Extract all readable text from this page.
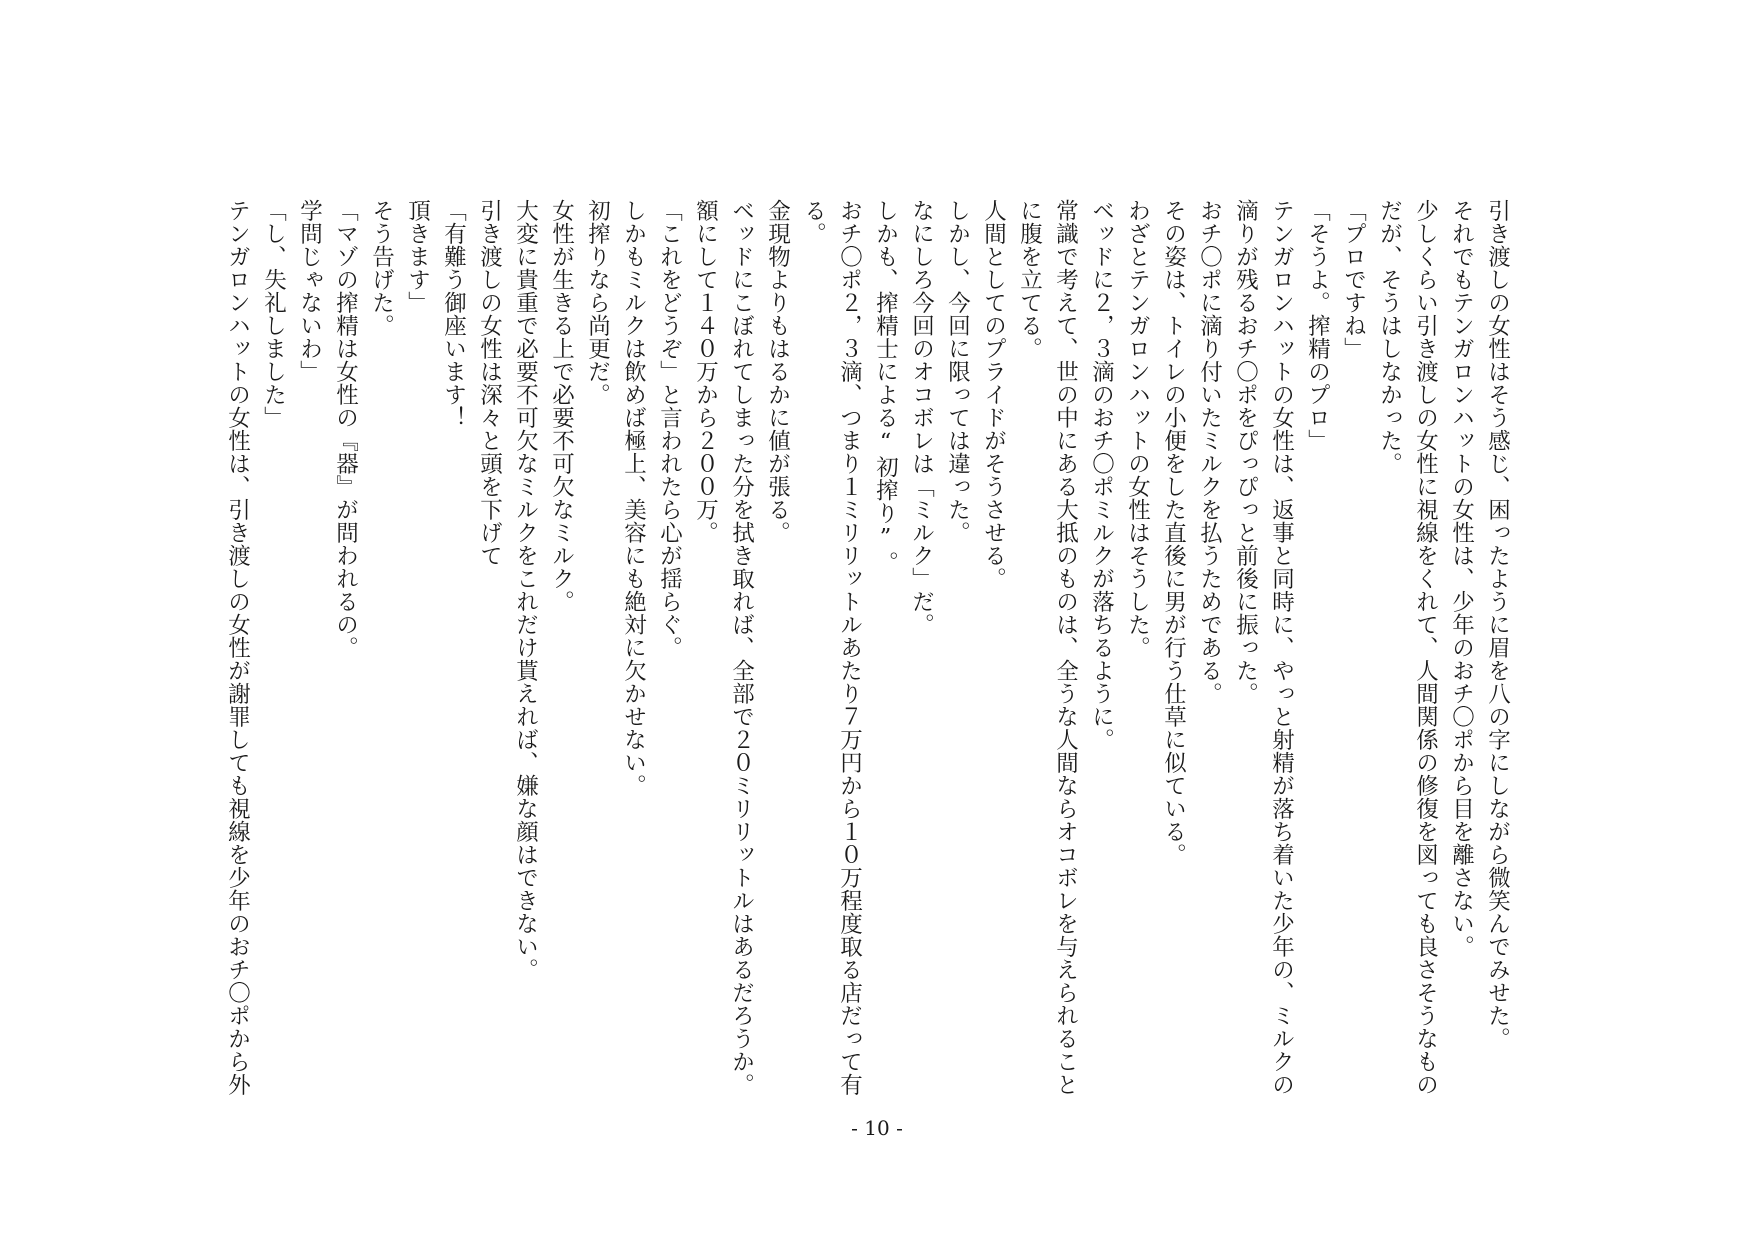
引き渡しの女性はそう感じ、困ったように眉を八の字にしながら微笑んでみせた。
それでもテンガロンハットの女性は、少年のおチ〇ポから目を離さない。
少しくらい引き渡しの女性に視線をくれて、人間関係の修復を図っても良さそうなもの
だが、そうはしなかった。
「プロですね」
「そうよ。搾精のプロ」
テンガロンハットの女性は、返事と同時に、やっと射精が落ち着いた少年の、ミルクの
滴りが残るおチ〇ポをぴっぴっと前後に振った。
おチ〇ポに滴り付いたミルクを払うためである。
その姿は、トイレの小便をした直後に男が行う仕草に似ている。
わざとテンガロンハットの女性はそうした。
ベッドに２，３滴のおチ〇ポミルクが落ちるように。
常識で考えて、世の中にある大抵のものは、全うな人間ならオコボレを与えられること
に腹を立てる。
人間としてのプライドがそうさせる。
しかし、今回に限っては違った。
なにしろ今回のオコボレは「ミルク」だ。
しかも、搾精士による“初搾り”。
おチ〇ポ２，３滴、つまり１ミリリットルあたり７万円から１０万程度取る店だって有
る。
金現物よりもはるかに値が張る。
ベッドにこぼれてしまった分を拭き取れば、全部で２０ミリリットルはあるだろうか。
額にして１４０万から２００万。
「これをどうぞ」と言われたら心が揺らぐ。
しかもミルクは飲めば極上、美容にも絶対に欠かせない。
初搾りなら尚更だ。
女性が生きる上で必要不可欠なミルク。
大変に貴重で必要不可欠なミルクをこれだけ貰えれば、嫌な顔はできない。
引き渡しの女性は深々と頭を下げて
「有難う御座います！
頂きます」
そう告げた。
「マゾの搾精は女性の『器』が問われるの。
学問じゃないわ」
「し、失礼しました」
テンガロンハットの女性は、引き渡しの女性が謝罪しても視線を少年のおチ〇ポから外
- 10 -
